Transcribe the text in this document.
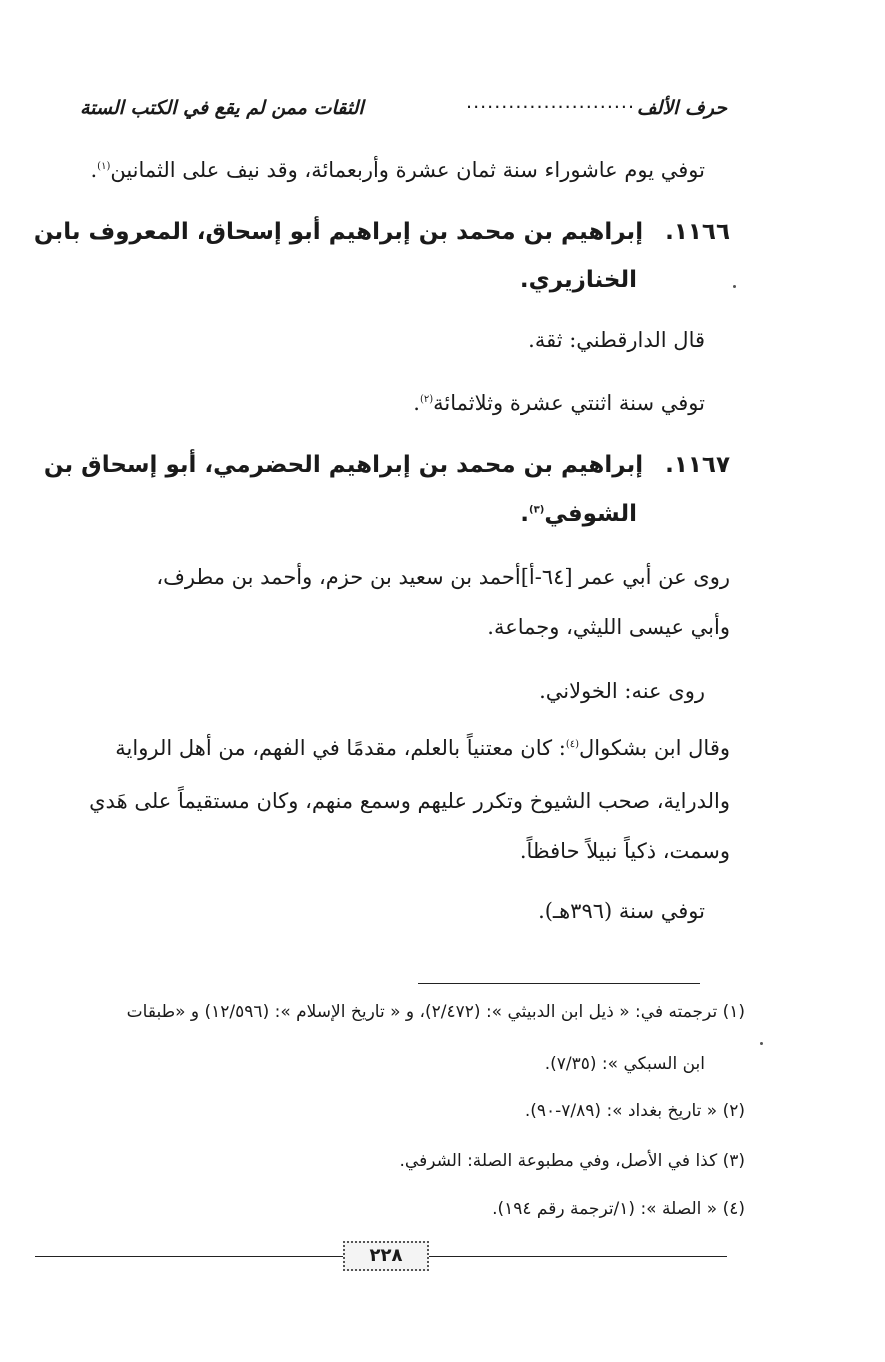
حرف الألف
........................
الثقات ممن لم يقع في الكتب الستة
توفي يوم عاشوراء سنة ثمان عشرة وأربعمائة، وقد نيف على الثمانين$^{(١)}$.
١١٦٦.إبراهيم بن محمد بن إبراهيم أبو إسحاق، المعروف بابن
الخنازيري.
قال الدارقطني: ثقة.
توفي سنة اثنتي عشرة وثلاثمائة$^{(٢)}$.
١١٦٧.إبراهيم بن محمد بن إبراهيم الحضرمي، أبو إسحاق بن
الشوفي$^{(٣)}$.
روى عن أبي عمر [٦٤-أ]أحمد بن سعيد بن حزم، وأحمد بن مطرف،
وأبي عيسى الليثي، وجماعة.
روى عنه: الخولاني.
وقال ابن بشكوال$^{(٤)}$: كان معتنياً بالعلم، مقدمًا في الفهم، من أهل الرواية
والدراية، صحب الشيوخ وتكرر عليهم وسمع منهم، وكان مستقيماً على هَدي
وسمت، ذكياً نبيلاً حافظاً.
توفي سنة (٣٩٦هـ).
(١) ترجمته في: « ذيل ابن الدبيثي »: (٢/٤٧٢)، و « تاريخ الإسلام »: (١٢/٥٩٦) و «طبقات
ابن السبكي »: (٧/٣٥).
(٢) « تاريخ بغداد »: (٧/٨٩-٩٠).
(٣) كذا في الأصل، وفي مطبوعة الصلة: الشرفي.
(٤) « الصلة »: (١/ترجمة رقم ١٩٤).
٢٢٨
